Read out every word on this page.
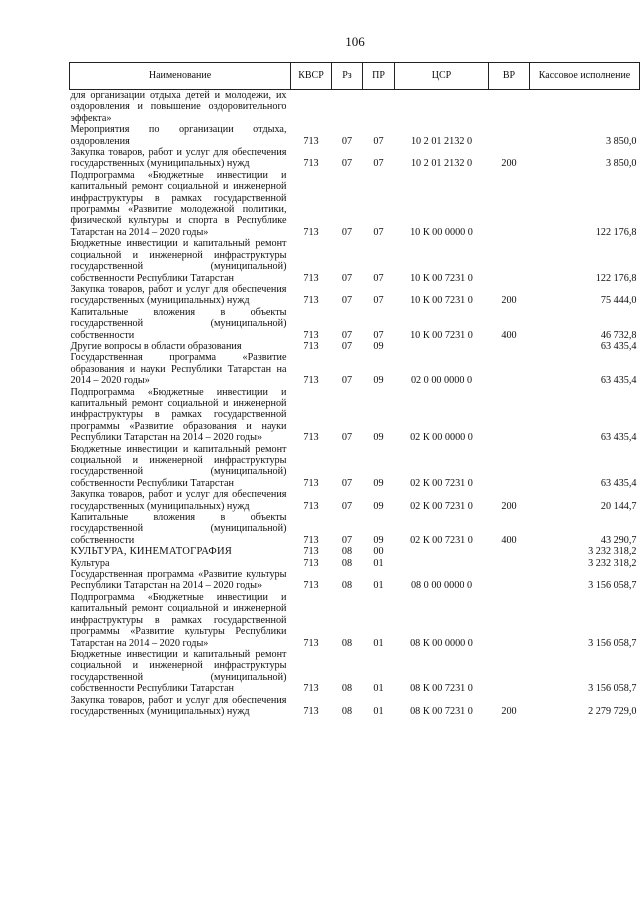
106
Наименование	КВСР	Рз	ПР	ЦСР	ВР	Кассовое исполнение
для организации отдыха детей и молодежи, их оздоровления и повышение оздоровительного эффекта»						
Мероприятия по организации отдыха, оздоровления	713	07	07	10 2 01 2132 0		3 850,0
Закупка товаров, работ и услуг для обеспечения государственных (муниципальных) нужд	713	07	07	10 2 01 2132 0	200	3 850,0
Подпрограмма «Бюджетные инвестиции и капитальный ремонт социальной и инженерной инфраструктуры в рамках государственной программы «Развитие молодежной политики, физической культуры и спорта в Республике Татарстан на 2014 – 2020 годы»	713	07	07	10 К 00 0000 0		122 176,8
Бюджетные инвестиции и капитальный ремонт социальной и инженерной инфраструктуры государственной (муниципальной) собственности Республики Татарстан	713	07	07	10 К 00 7231 0		122 176,8
Закупка товаров, работ и услуг для обеспечения государственных (муниципальных) нужд	713	07	07	10 К 00 7231 0	200	75 444,0
Капитальные вложения в объекты государственной (муниципальной) собственности	713	07	07	10 К 00 7231 0	400	46 732,8
Другие вопросы в области образования	713	07	09			63 435,4
Государственная программа «Развитие образования и науки Республики Татарстан на 2014 – 2020 годы»	713	07	09	02 0 00 0000 0		63 435,4
Подпрограмма «Бюджетные инвестиции и капитальный ремонт социальной и инженерной инфраструктуры в рамках государственной программы «Развитие образования и науки Республики Татарстан на 2014 – 2020 годы»	713	07	09	02 К 00 0000 0		63 435,4
Бюджетные инвестиции и капитальный ремонт социальной и инженерной инфраструктуры государственной (муниципальной) собственности Республики Татарстан	713	07	09	02 К 00 7231 0		63 435,4
Закупка товаров, работ и услуг для обеспечения государственных (муниципальных) нужд	713	07	09	02 К 00 7231 0	200	20 144,7
Капитальные вложения в объекты государственной (муниципальной) собственности	713	07	09	02 К 00 7231 0	400	43 290,7
КУЛЬТУРА, КИНЕМАТОГРАФИЯ	713	08	00			3 232 318,2
Культура	713	08	01			3 232 318,2
Государственная программа «Развитие культуры Республики Татарстан на 2014 – 2020 годы»	713	08	01	08 0 00 0000 0		3 156 058,7
Подпрограмма «Бюджетные инвестиции и капитальный ремонт социальной и инженерной инфраструктуры в рамках государственной программы «Развитие культуры Республики Татарстан на 2014 – 2020 годы»	713	08	01	08 К 00 0000 0		3 156 058,7
Бюджетные инвестиции и капитальный ремонт социальной и инженерной инфраструктуры государственной (муниципальной) собственности Республики Татарстан	713	08	01	08 К 00 7231 0		3 156 058,7
Закупка товаров, работ и услуг для обеспечения государственных (муниципальных) нужд	713	08	01	08 К 00 7231 0	200	2 279 729,0
